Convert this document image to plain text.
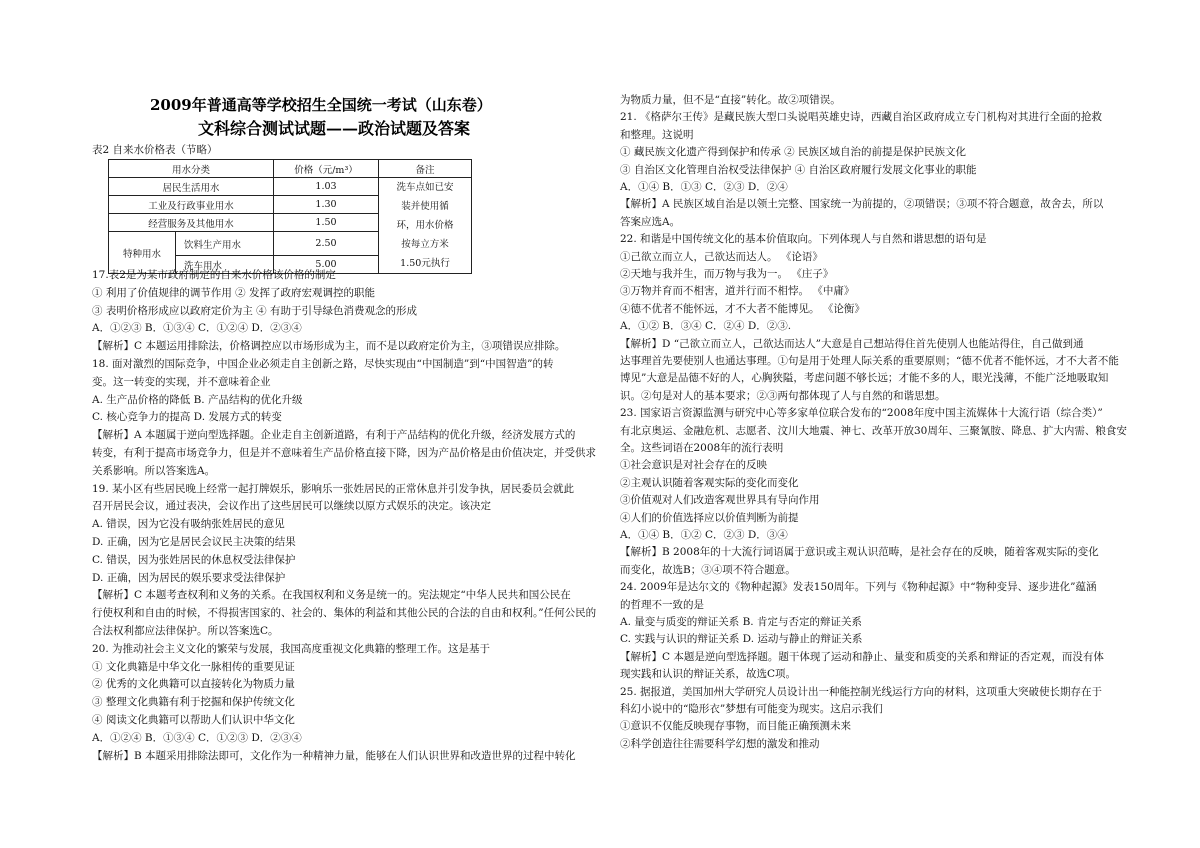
2009年普通高等学校招生全国统一考试（山东卷）
文科综合测试试题——政治试题及答案
表2 自来水价格表（节略）
用水分类		价格（元/m³）	备注
居民生活用水		1.03	洗车点如已安
装并使用循
环，用水价格
按每立方米
1.50元执行

工业及行政事业用水		1.30	
经营服务及其他用水		1.50	
特种用水	饮料生产用水	2.50	
	洗车用水	5.00	
17.表2是为某市政府制定的自来水价格该价格的制定
① 利用了价值规律的调节作用 ② 发挥了政府宏观调控的职能
③ 表明价格形成应以政府定价为主 ④ 有助于引导绿色消费观念的形成
A．①②③ B．①③④ C．①②④ D．②③④
【解析】C 本题运用排除法，价格调控应以市场形成为主，而不是以政府定价为主，③项错误应排除。
18. 面对激烈的国际竞争，中国企业必须走自主创新之路，尽快实现由“中国制造”到“中国智造”的转
变。这一转变的实现，并不意味着企业
A. 生产品价格的降低 B. 产品结构的优化升级
C. 核心竞争力的提高 D. 发展方式的转变
【解析】A 本题属于逆向型选择题。企业走自主创新道路，有利于产品结构的优化升级，经济发展方式的
转变，有利于提高市场竞争力，但是并不意味着生产品价格直接下降，因为产品价格是由价值决定，并受供求
关系影响。所以答案选A。
19. 某小区有些居民晚上经常一起打牌娱乐，影响乐一张姓居民的正常休息并引发争执，居民委员会就此
召开居民会议，通过表决，会议作出了这些居民可以继续以原方式娱乐的决定。该决定
A. 错误，因为它没有吸纳张姓居民的意见
D. 正确，因为它是居民会议民主决策的结果
C. 错误，因为张姓居民的休息权受法律保护
D. 正确，因为居民的娱乐要求受法律保护
【解析】C 本题考查权利和义务的关系。在我国权利和义务是统一的。宪法规定“中华人民共和国公民在
行使权利和自由的时候，不得损害国家的、社会的、集体的利益和其他公民的合法的自由和权利。”任何公民的
合法权利都应法律保护。所以答案选C。
20. 为推动社会主义文化的繁荣与发展，我国高度重视文化典籍的整理工作。这是基于
① 文化典籍是中华文化一脉相传的重要见证
② 优秀的文化典籍可以直接转化为物质力量
③ 整理文化典籍有利于挖掘和保护传统文化
④ 阅读文化典籍可以帮助人们认识中华文化
A．①②④ B．①③④ C．①②③ D．②③④
【解析】B 本题采用排除法即可，文化作为一种精神力量，能够在人们认识世界和改造世界的过程中转化
为物质力量，但不是“直接”转化。故②项错误。
21. 《格萨尔王传》是藏民族大型口头说唱英雄史诗，西藏自治区政府成立专门机构对其进行全面的抢救
和整理。这说明
① 藏民族文化遗产得到保护和传承 ② 民族区域自治的前提是保护民族文化
③ 自治区文化管理自治权受法律保护 ④ 自治区政府履行发展文化事业的职能
A．①④ B．①③ C．②③ D．②④
【解析】A 民族区域自治是以领土完整、国家统一为前提的，②项错误；③项不符合题意，故舍去，所以
答案应选A。
22. 和谐是中国传统文化的基本价值取向。下列体现人与自然和谐思想的语句是
①己欲立而立人，己欲达而达人。 《论语》
②天地与我并生，而万物与我为一。 《庄子》
③万物并育而不相害，道并行而不相悖。 《中庸》
④德不优者不能怀远，才不大者不能博见。 《论衡》
A．①② B．③④ C．②④ D．②③.
【解析】D “己欲立而立人，己欲达而达人”大意是自己想站得住首先使别人也能站得住，自己做到通
达事理首先要使别人也通达事理。①句是用于处理人际关系的重要原则；“德不优者不能怀远，才不大者不能
博见”大意是品德不好的人，心胸狭隘，考虑问题不够长远；才能不多的人，眼光浅薄，不能广泛地吸取知
识。②句是对人的基本要求；②③两句都体现了人与自然的和谐思想。
23. 国家语言资源监测与研究中心等多家单位联合发布的“2008年度中国主流媒体十大流行语（综合类）”
有北京奥运、金融危机、志愿者、汶川大地震、神七、改革开放30周年、三聚氰胺、降息、扩大内需、粮食安
全。这些词语在2008年的流行表明
①社会意识是对社会存在的反映
②主观认识随着客观实际的变化而变化
③价值观对人们改造客观世界具有导向作用
④人们的价值选择应以价值判断为前提
A．①④ B．①② C．②③ D．③④
【解析】B 2008年的十大流行词语属于意识或主观认识范畴，是社会存在的反映，随着客观实际的变化
而变化，故选B；③④项不符合题意。
24. 2009年是达尔文的《物种起源》发表150周年。下列与《物种起源》中“物种变异、逐步进化”蕴涵
的哲理不一致的是
A. 量变与质变的辩证关系 B. 肯定与否定的辩证关系
C. 实践与认识的辩证关系 D. 运动与静止的辩证关系
【解析】C 本题是逆向型选择题。题干体现了运动和静止、量变和质变的关系和辩证的否定观，而没有体
现实践和认识的辩证关系，故选C项。
25. 据报道，美国加州大学研究人员设计出一种能控制光线运行方向的材料，这项重大突破使长期存在于
科幻小说中的“隐形衣”梦想有可能变为现实。这启示我们
①意识不仅能反映现存事物，而目能正确预测未来
②科学创造往往需要科学幻想的激发和推动
